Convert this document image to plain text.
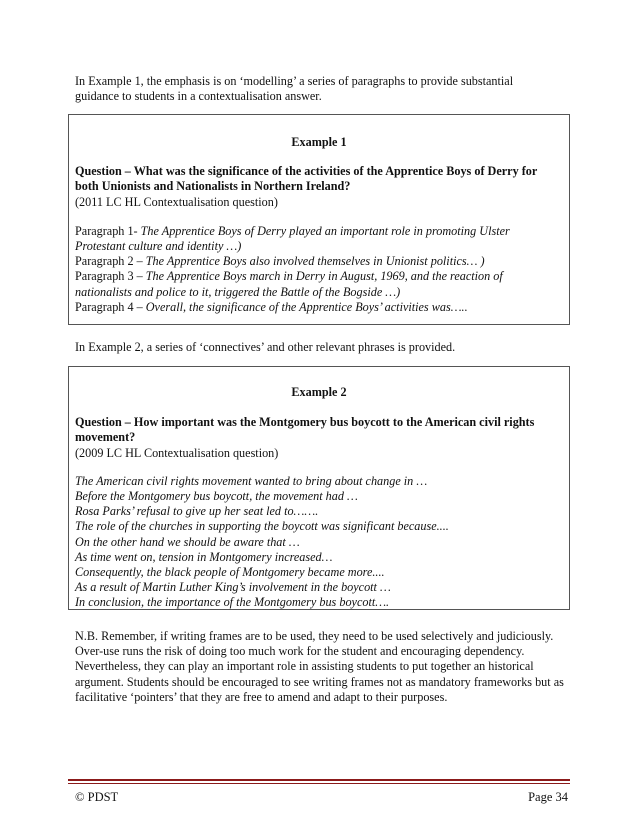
In Example 1, the emphasis is on ‘modelling’ a series of paragraphs to provide substantial guidance to students in a contextualisation answer.

Example 1

Question – What was the significance of the activities of the Apprentice Boys of Derry for both Unionists and Nationalists in Northern Ireland?

(2011 LC HL Contextualisation question)

Paragraph 1- The Apprentice Boys of Derry played an important role in promoting Ulster

Protestant culture and identity …)

Paragraph 2 – The Apprentice Boys also involved themselves in Unionist politics… )

Paragraph 3 – The Apprentice Boys march in Derry in August, 1969, and the reaction of

nationalists and police to it, triggered the Battle of the Bogside …)

Paragraph 4 – Overall, the significance of the Apprentice Boys’ activities was…..

In Example 2, a series of ‘connectives’ and other relevant phrases is provided.

Example 2

Question – How important was the Montgomery bus boycott to the American civil rights movement?

(2009 LC HL Contextualisation question)

The American civil rights movement wanted to bring about change in …

Before the Montgomery bus boycott, the movement had …

Rosa Parks’ refusal to give up her seat led to…….

The role of the churches in supporting the boycott was significant because....

On the other hand we should be aware that …

As time went on, tension in Montgomery increased…

Consequently, the black people of Montgomery became more....

As a result of Martin Luther King’s involvement in the boycott …

In conclusion, the importance of the Montgomery bus boycott….

N.B. Remember, if writing frames are to be used, they need to be used selectively and judiciously. Over-use runs the risk of doing too much work for the student and encouraging dependency. Nevertheless, they can play an important role in assisting students to put together an historical argument. Students should be encouraged to see writing frames not as mandatory frameworks but as facilitative ‘pointers’ that they are free to amend and adapt to their purposes.

© PDST	Page 34
